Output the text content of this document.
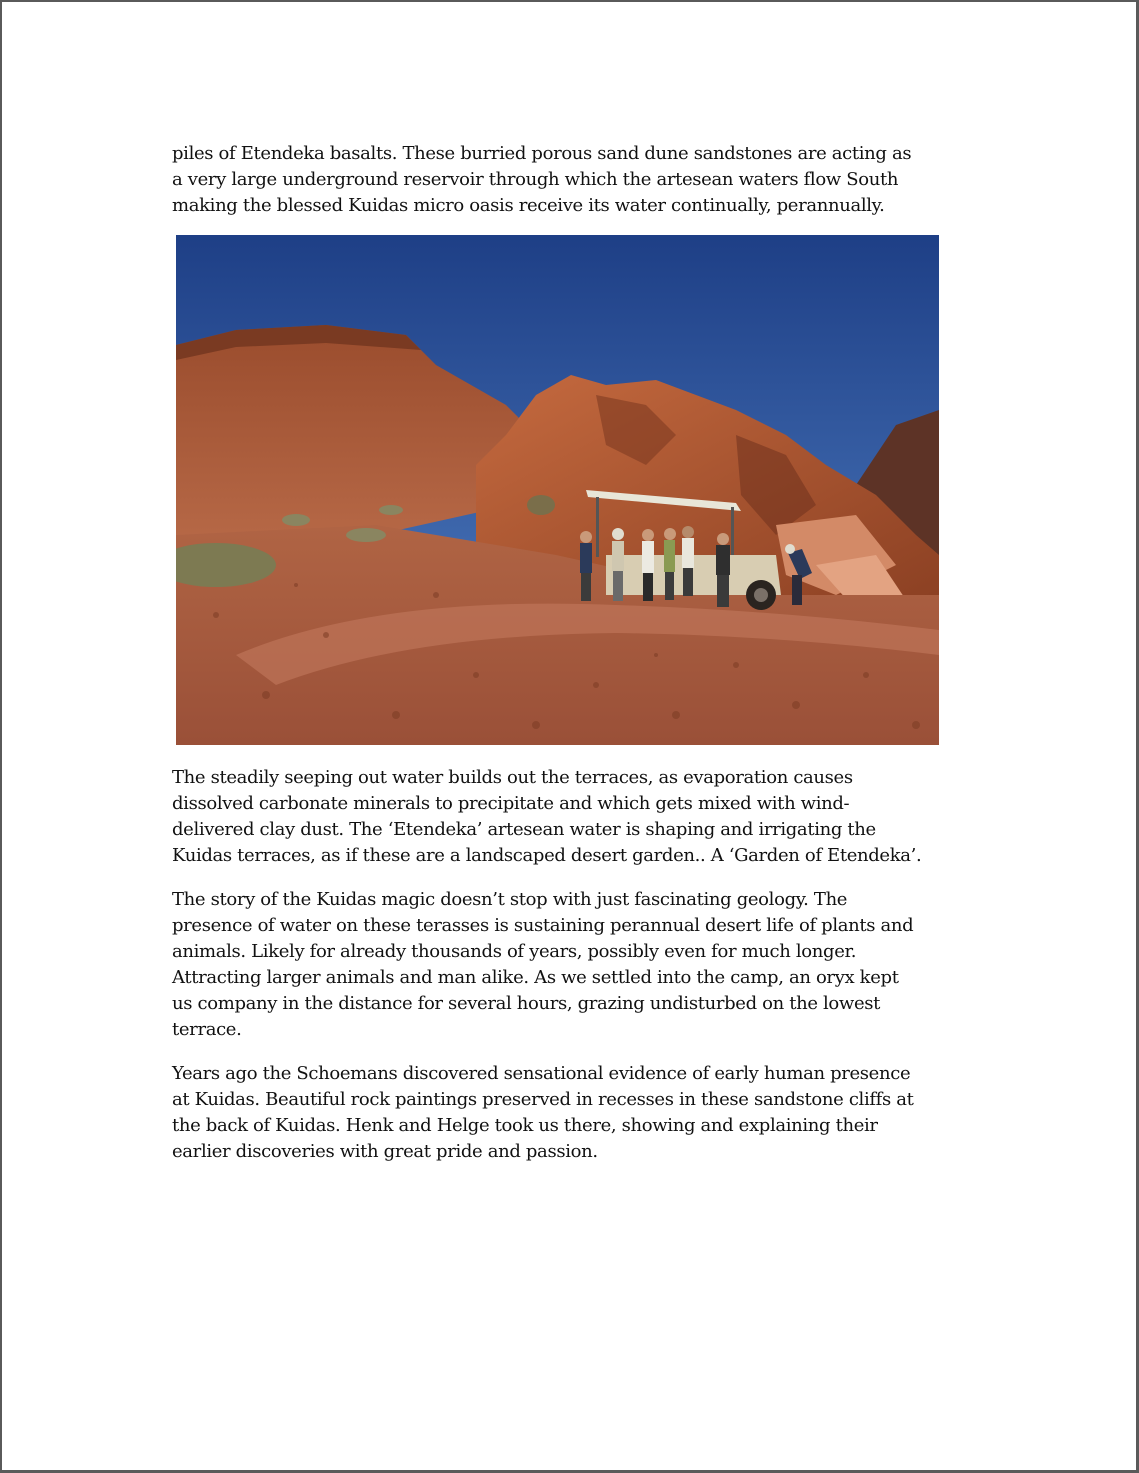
piles of Etendeka basalts. These burried porous sand dune sandstones are acting as
a very large underground reservoir through which the artesean waters flow South
making the blessed Kuidas micro oasis receive its water continually, perannually.

The steadily seeping out water builds out the terraces, as evaporation causes
dissolved carbonate minerals to precipitate and which gets mixed with wind-
delivered clay dust. The ‘Etendeka’ artesean water is shaping and irrigating the
Kuidas terraces, as if these are a landscaped desert garden.. A ‘Garden of Etendeka’.

The story of the Kuidas magic doesn’t stop with just fascinating geology. The
presence of water on these terasses is sustaining perannual desert life of plants and
animals. Likely for already thousands of years, possibly even for much longer.
Attracting larger animals and man alike. As we settled into the camp, an oryx kept
us company in the distance for several hours, grazing undisturbed on the lowest
terrace.

Years ago the Schoemans discovered sensational evidence of early human presence
at Kuidas. Beautiful rock paintings preserved in recesses in these sandstone cliffs at
the back of Kuidas. Henk and Helge took us there, showing and explaining their
earlier discoveries with great pride and passion.
